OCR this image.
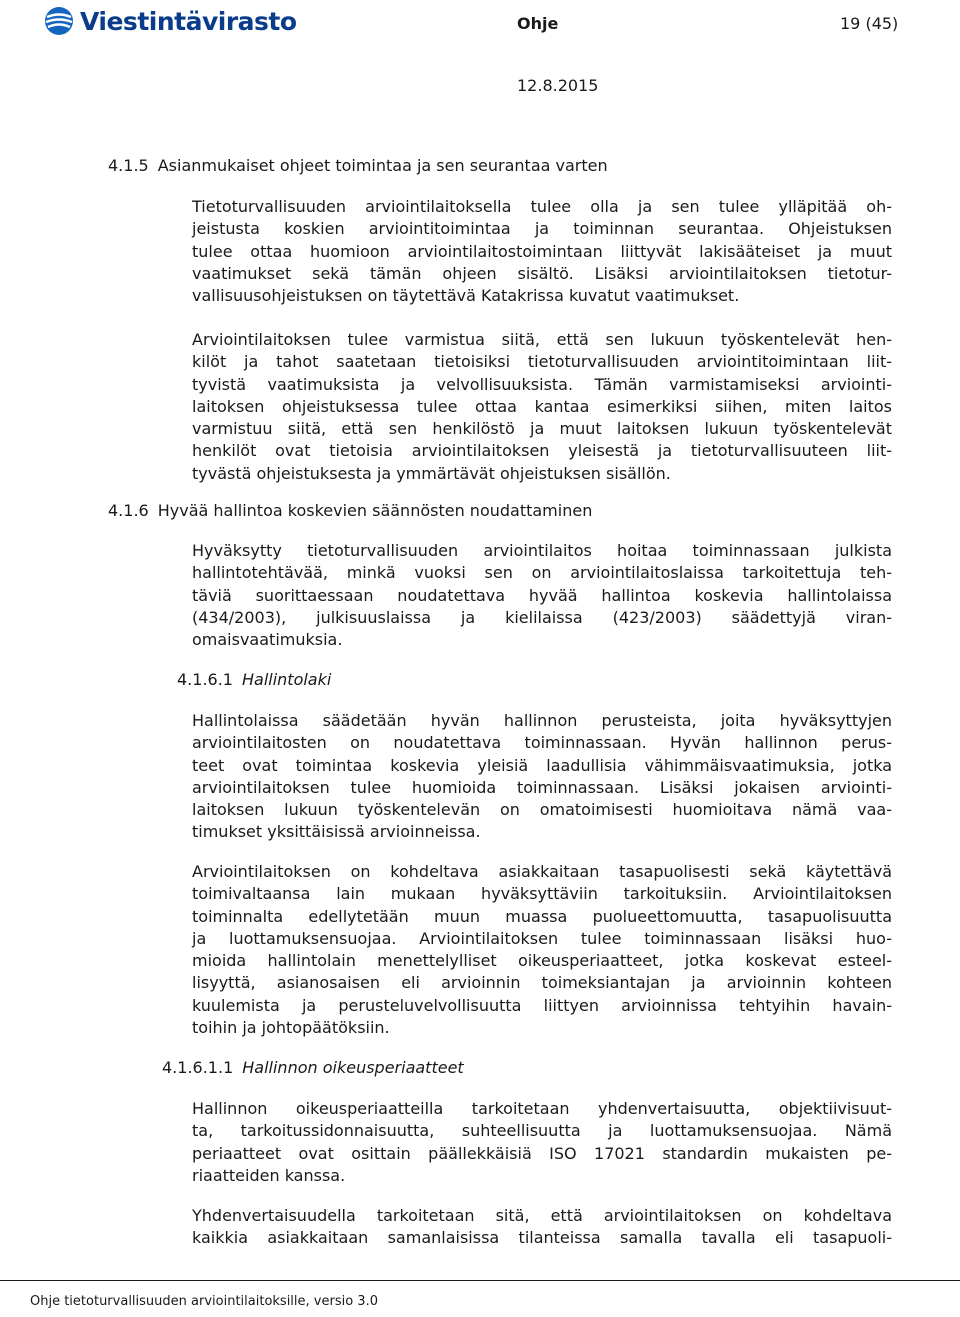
Viestintävirasto	Ohje	19 (45)
12.8.2015
4.1.5 Asianmukaiset ohjeet toimintaa ja sen seurantaa varten
Tietoturvallisuuden arviointilaitoksella tulee olla ja sen tulee ylläpitää oh-
jeistusta koskien arviointitoimintaa ja toiminnan seurantaa. Ohjeistuksen
tulee ottaa huomioon arviointilaitostoimintaan liittyvät lakisääteiset ja muut
vaatimukset sekä tämän ohjeen sisältö. Lisäksi arviointilaitoksen tietotur-
vallisuusohjeistuksen on täytettävä Katakrissa kuvatut vaatimukset.
Arviointilaitoksen tulee varmistua siitä, että sen lukuun työskentelevät hen-
kilöt ja tahot saatetaan tietoisiksi tietoturvallisuuden arviointitoimintaan liit-
tyvistä vaatimuksista ja velvollisuuksista. Tämän varmistamiseksi arviointi-
laitoksen ohjeistuksessa tulee ottaa kantaa esimerkiksi siihen, miten laitos
varmistuu siitä, että sen henkilöstö ja muut laitoksen lukuun työskentelevät
henkilöt ovat tietoisia arviointilaitoksen yleisestä ja tietoturvallisuuteen liit-
tyvästä ohjeistuksesta ja ymmärtävät ohjeistuksen sisällön.
4.1.6 Hyvää hallintoa koskevien säännösten noudattaminen
Hyväksytty tietoturvallisuuden arviointilaitos hoitaa toiminnassaan julkista
hallintotehtävää, minkä vuoksi sen on arviointilaitoslaissa tarkoitettuja teh-
täviä suorittaessaan noudatettava hyvää hallintoa koskevia hallintolaissa
(434/2003), julkisuuslaissa ja kielilaissa (423/2003) säädettyjä viran-
omaisvaatimuksia.
4.1.6.1 Hallintolaki
Hallintolaissa säädetään hyvän hallinnon perusteista, joita hyväksyttyjen
arviointilaitosten on noudatettava toiminnassaan. Hyvän hallinnon perus-
teet ovat toimintaa koskevia yleisiä laadullisia vähimmäisvaatimuksia, jotka
arviointilaitoksen tulee huomioida toiminnassaan. Lisäksi jokaisen arviointi-
laitoksen lukuun työskentelevän on omatoimisesti huomioitava nämä vaa-
timukset yksittäisissä arvioinneissa.
Arviointilaitoksen on kohdeltava asiakkaitaan tasapuolisesti sekä käytettävä
toimivaltaansa lain mukaan hyväksyttäviin tarkoituksiin. Arviointilaitoksen
toiminnalta edellytetään muun muassa puolueettomuutta, tasapuolisuutta
ja luottamuksensuojaa. Arviointilaitoksen tulee toiminnassaan lisäksi huo-
mioida hallintolain menettelylliset oikeusperiaatteet, jotka koskevat esteel-
lisyyttä, asianosaisen eli arvioinnin toimeksiantajan ja arvioinnin kohteen
kuulemista ja perusteluvelvollisuutta liittyen arvioinnissa tehtyihin havain-
toihin ja johtopäätöksiin.
4.1.6.1.1 Hallinnon oikeusperiaatteet
Hallinnon oikeusperiaatteilla tarkoitetaan yhdenvertaisuutta, objektiivisuut-
ta, tarkoitussidonnaisuutta, suhteellisuutta ja luottamuksensuojaa. Nämä
periaatteet ovat osittain päällekkäisiä ISO 17021 standardin mukaisten pe-
riaatteiden kanssa.
Yhdenvertaisuudella tarkoitetaan sitä, että arviointilaitoksen on kohdeltava
kaikkia asiakkaitaan samanlaisissa tilanteissa samalla tavalla eli tasapuoli-
Ohje tietoturvallisuuden arviointilaitoksille, versio 3.0
